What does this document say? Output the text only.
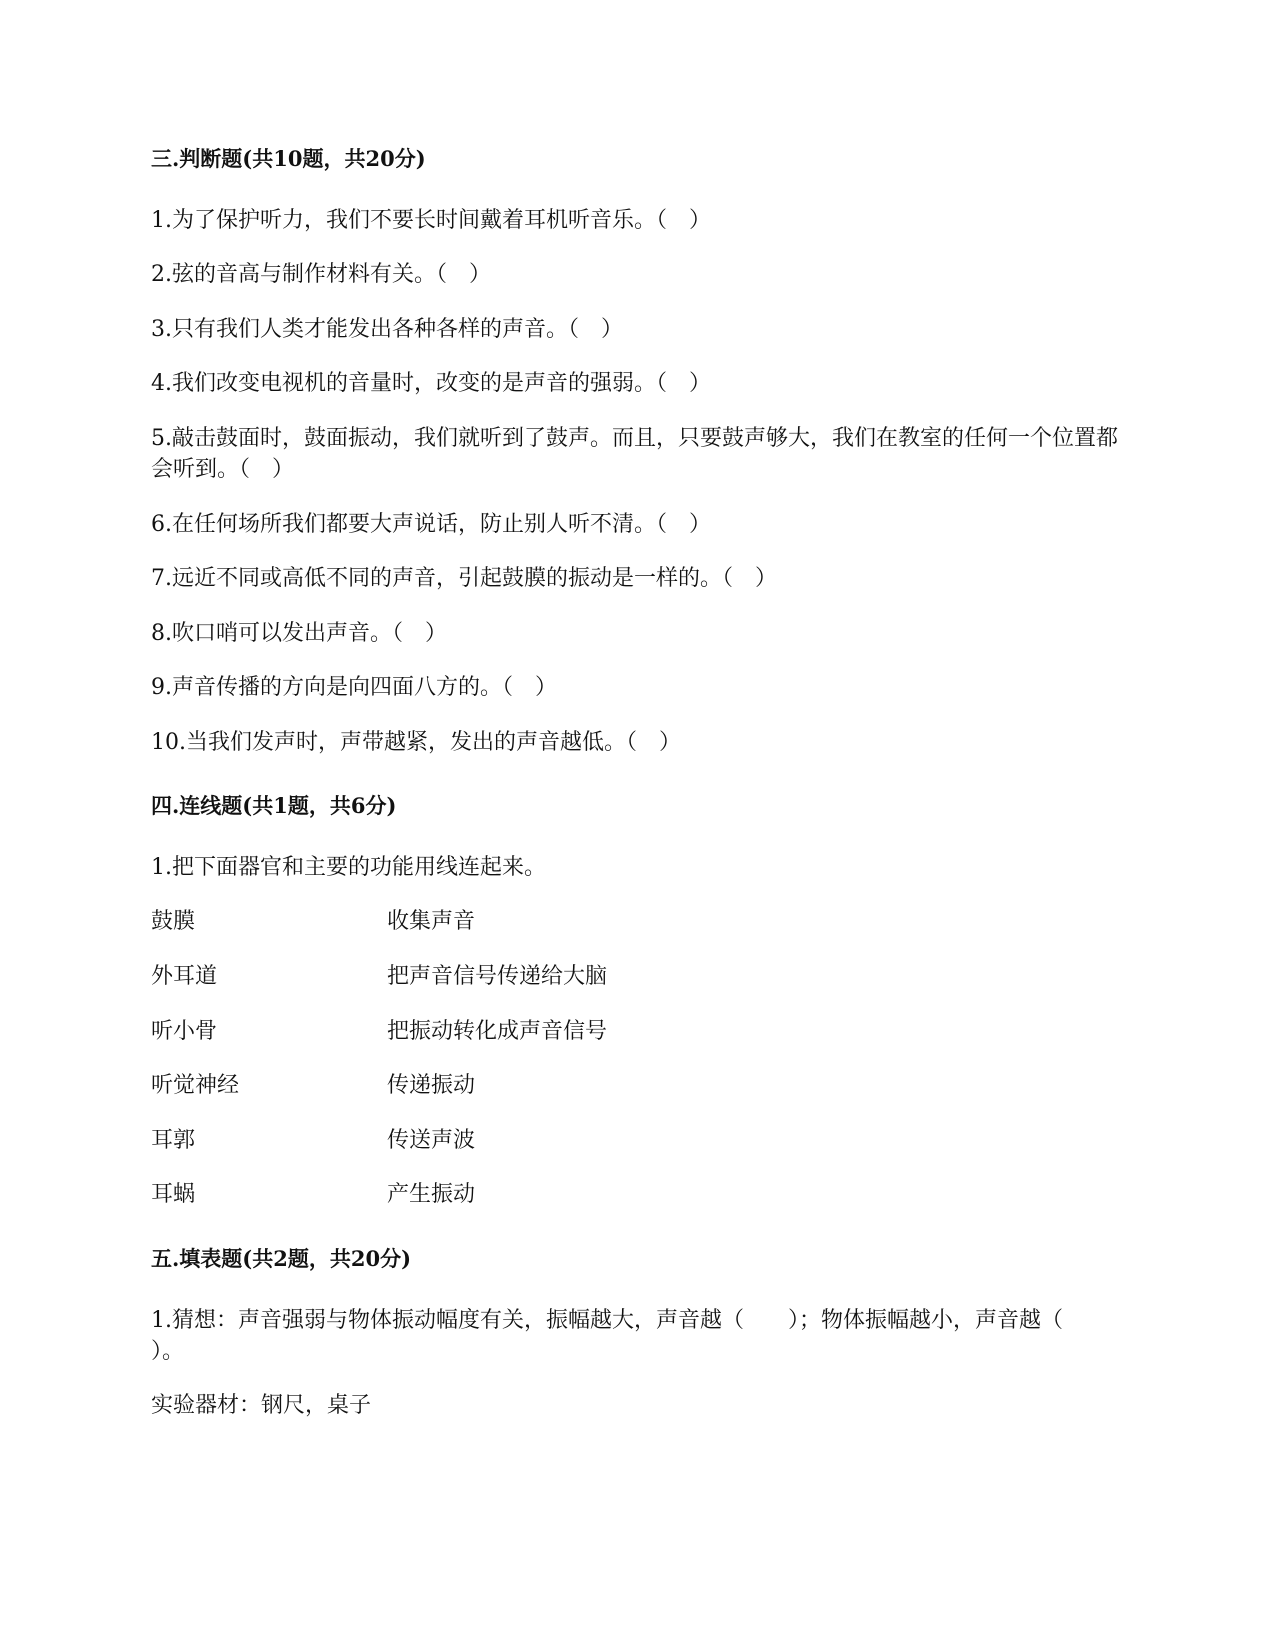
三.判断题(共10题，共20分)
1.为了保护听力，我们不要长时间戴着耳机听音乐。（　）
2.弦的音高与制作材料有关。（　）
3.只有我们人类才能发出各种各样的声音。（　）
4.我们改变电视机的音量时，改变的是声音的强弱。（　）
5.敲击鼓面时，鼓面振动，我们就听到了鼓声。而且，只要鼓声够大，我们在教室的任何一个位置都会听到。（　）
6.在任何场所我们都要大声说话，防止别人听不清。（　）
7.远近不同或高低不同的声音，引起鼓膜的振动是一样的。（　）
8.吹口哨可以发出声音。（　）
9.声音传播的方向是向四面八方的。（　）
10.当我们发声时，声带越紧，发出的声音越低。（　）
四.连线题(共1题，共6分)
1.把下面器官和主要的功能用线连起来。
鼓膜	收集声音
外耳道	把声音信号传递给大脑
听小骨	把振动转化成声音信号
听觉神经	传递振动
耳郭	传送声波
耳蜗	产生振动
五.填表题(共2题，共20分)
1.猜想：声音强弱与物体振动幅度有关，振幅越大，声音越（　　）；物体振幅越小，声音越（　　）。
实验器材：钢尺，桌子
